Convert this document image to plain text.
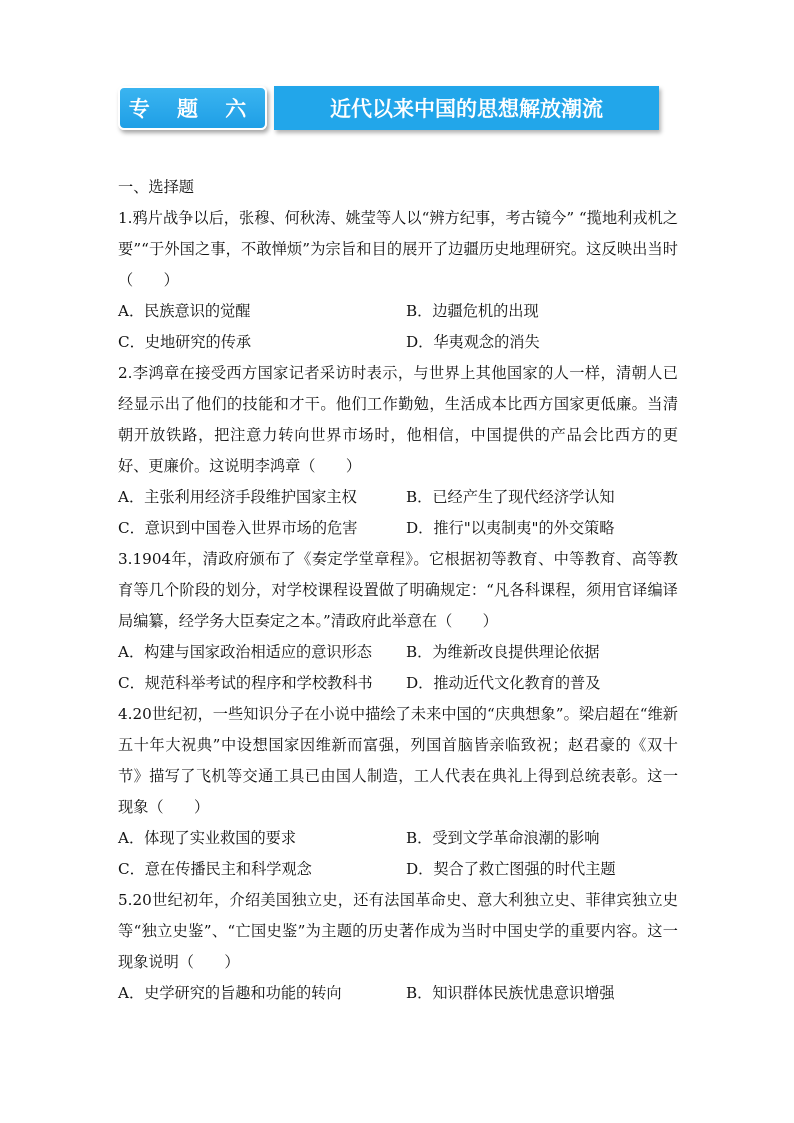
专 题 六	近代以来中国的思想解放潮流

一、选择题

1.鸦片战争以后，张穆、何秋涛、姚莹等人以“辨方纪事，考古镜今” “揽地利戎机之要”“于外国之事，不敢惮烦”为宗旨和目的展开了边疆历史地理研究。这反映出当时（　　）

A．民族意识的觉醒	B．边疆危机的出现
C．史地研究的传承	D．华夷观念的消失

2.李鸿章在接受西方国家记者采访时表示，与世界上其他国家的人一样，清朝人已经显示出了他们的技能和才干。他们工作勤勉，生活成本比西方国家更低廉。当清朝开放铁路，把注意力转向世界市场时，他相信，中国提供的产品会比西方的更好、更廉价。这说明李鸿章（　　）

A．主张利用经济手段维护国家主权	B．已经产生了现代经济学认知
C．意识到中国卷入世界市场的危害	D．推行"以夷制夷"的外交策略

3.1904年，清政府颁布了《奏定学堂章程》。它根据初等教育、中等教育、高等教育等几个阶段的划分，对学校课程设置做了明确规定：“凡各科课程，须用官译编译局编纂，经学务大臣奏定之本。”清政府此举意在（　　）

A．构建与国家政治相适应的意识形态	B．为维新改良提供理论依据
C．规范科举考试的程序和学校教科书	D．推动近代文化教育的普及

4.20世纪初，一些知识分子在小说中描绘了未来中国的“庆典想象”。梁启超在“维新五十年大祝典”中设想国家因维新而富强，列国首脑皆亲临致祝；赵君豪的《双十节》描写了飞机等交通工具已由国人制造，工人代表在典礼上得到总统表彰。这一现象（　　）

A．体现了实业救国的要求	B．受到文学革命浪潮的影响
C．意在传播民主和科学观念	D．契合了救亡图强的时代主题

5.20世纪初年，介绍美国独立史，还有法国革命史、意大利独立史、菲律宾独立史等“独立史鉴”、“亡国史鉴”为主题的历史著作成为当时中国史学的重要内容。这一现象说明（　　）

A．史学研究的旨趣和功能的转向	B．知识群体民族忧患意识增强
